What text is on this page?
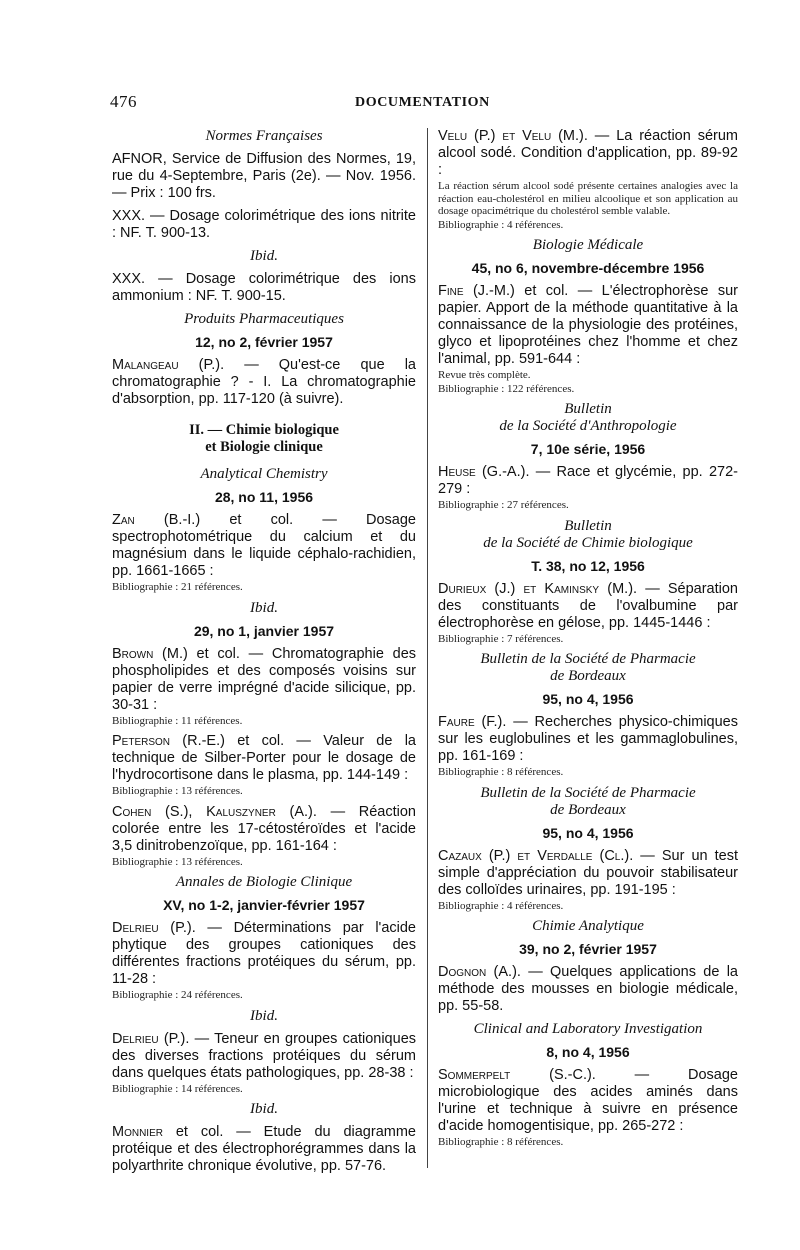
476	DOCUMENTATION
Normes Françaises
AFNOR, Service de Diffusion des Normes, 19, rue du 4-Septembre, Paris (2e). — Nov. 1956. — Prix : 100 frs.
XXX. — Dosage colorimétrique des ions nitrite : NF. T. 900-13.
Ibid.
XXX. — Dosage colorimétrique des ions ammonium : NF. T. 900-15.
Produits Pharmaceutiques
12, no 2, février 1957
Malangeau (P.). — Qu'est-ce que la chromatographie ? - I. La chromatographie d'absorption, pp. 117-120 (à suivre).
II. — Chimie biologique
et Biologie clinique
Analytical Chemistry
28, no 11, 1956
Zan (B.-I.) et col. — Dosage spectrophotométrique du calcium et du magnésium dans le liquide céphalo-rachidien, pp. 1661-1665 :
Bibliographie : 21 références.
Ibid.
29, no 1, janvier 1957
Brown (M.) et col. — Chromatographie des phospholipides et des composés voisins sur papier de verre imprégné d'acide silicique, pp. 30-31 :
Bibliographie : 11 références.
Peterson (R.-E.) et col. — Valeur de la technique de Silber-Porter pour le dosage de l'hydrocortisone dans le plasma, pp. 144-149 :
Bibliographie : 13 références.
Cohen (S.), Kaluszyner (A.). — Réaction colorée entre les 17-cétostéroïdes et l'acide 3,5 dinitrobenzoïque, pp. 161-164 :
Bibliographie : 13 références.
Annales de Biologie Clinique
XV, no 1-2, janvier-février 1957
Delrieu (P.). — Déterminations par l'acide phytique des groupes cationiques des différentes fractions protéiques du sérum, pp. 11-28 :
Bibliographie : 24 références.
Ibid.
Delrieu (P.). — Teneur en groupes cationiques des diverses fractions protéiques du sérum dans quelques états pathologiques, pp. 28-38 :
Bibliographie : 14 références.
Ibid.
Monnier et col. — Etude du diagramme protéique et des électrophorégrammes dans la polyarthrite chronique évolutive, pp. 57-76.
Velu (P.) et Velu (M.). — La réaction sérum alcool sodé. Condition d'application, pp. 89-92 :
La réaction sérum alcool sodé présente certaines analogies avec la réaction eau-cholestérol en milieu alcoolique et son application au dosage opacimétrique du cholestérol semble valable.
Bibliographie : 4 références.
Biologie Médicale
45, no 6, novembre-décembre 1956
Fine (J.-M.) et col. — L'électrophorèse sur papier. Apport de la méthode quantitative à la connaissance de la physiologie des protéines, glyco et lipoprotéines chez l'homme et chez l'animal, pp. 591-644 :
Revue très complète.
Bibliographie : 122 références.
Bulletin
de la Société d'Anthropologie
7, 10e série, 1956
Heuse (G.-A.). — Race et glycémie, pp. 272-279 :
Bibliographie : 27 références.
Bulletin
de la Société de Chimie biologique
T. 38, no 12, 1956
Durieux (J.) et Kaminsky (M.). — Séparation des constituants de l'ovalbumine par électrophorèse en gélose, pp. 1445-1446 :
Bibliographie : 7 références.
Bulletin de la Société de Pharmacie
de Bordeaux
95, no 4, 1956
Faure (F.). — Recherches physico-chimiques sur les euglobulines et les gammaglobulines, pp. 161-169 :
Bibliographie : 8 références.
Bulletin de la Société de Pharmacie
de Bordeaux
95, no 4, 1956
Cazaux (P.) et Verdalle (Cl.). — Sur un test simple d'appréciation du pouvoir stabilisateur des colloïdes urinaires, pp. 191-195 :
Bibliographie : 4 références.
Chimie Analytique
39, no 2, février 1957
Dognon (A.). — Quelques applications de la méthode des mousses en biologie médicale, pp. 55-58.
Clinical and Laboratory Investigation
8, no 4, 1956
Sommerpelt (S.-C.). — Dosage microbiologique des acides aminés dans l'urine et technique à suivre en présence d'acide homogentisique, pp. 265-272 :
Bibliographie : 8 références.
